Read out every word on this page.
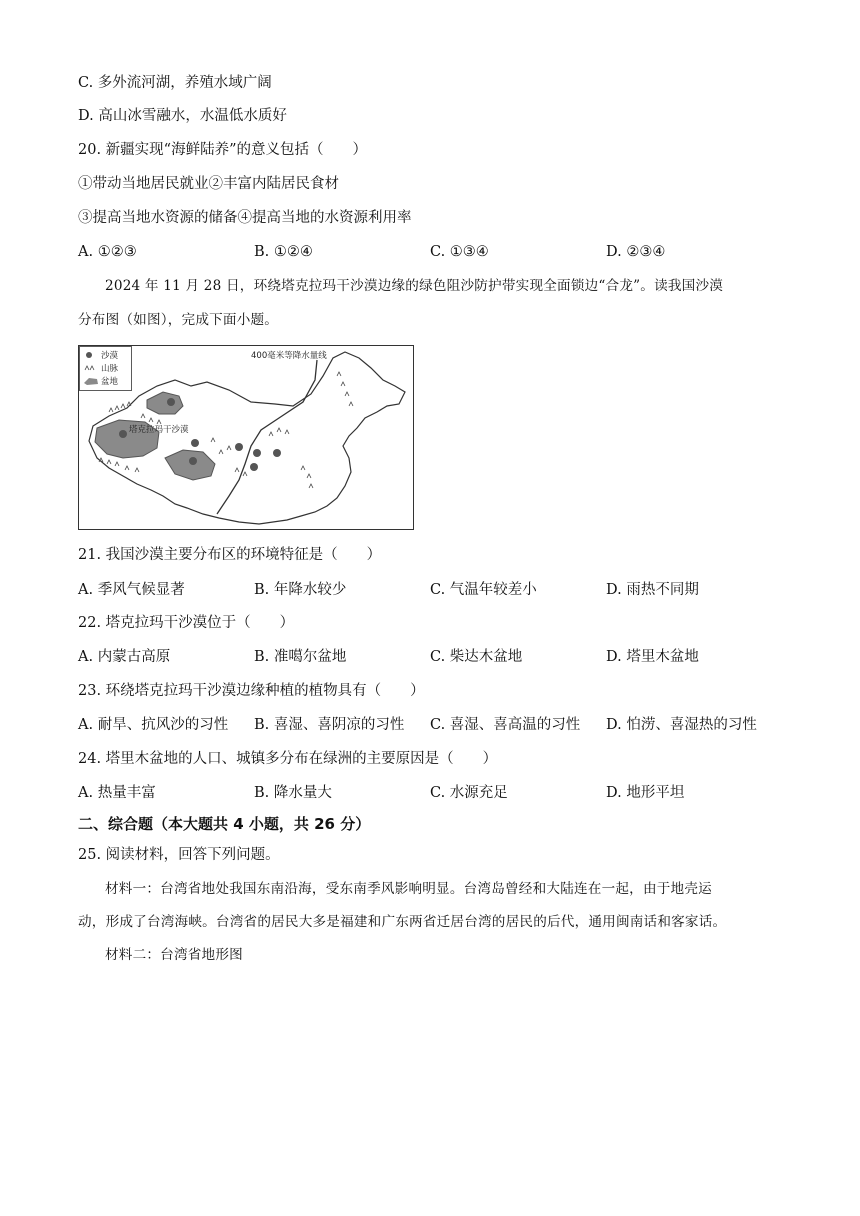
C. 多外流河湖，养殖水域广阔
D. 高山冰雪融水，水温低水质好
20. 新疆实现“海鲜陆养”的意义包括（　　）
①带动当地居民就业②丰富内陆居民食材
③提高当地水资源的储备④提高当地的水资源利用率
A. ①②③	B. ①②④	C. ①③④	D. ②③④
2024 年 11 月 28 日，环绕塔克拉玛干沙漠边缘的绿色阻沙防护带实现全面锁边“合龙”。读我国沙漠
分布图（如图），完成下面小题。
沙漠
山脉
盆地
400毫米等降水量线
塔克拉玛干沙漠
21. 我国沙漠主要分布区的环境特征是（　　）
A. 季风气候显著	B. 年降水较少	C. 气温年较差小	D. 雨热不同期
22. 塔克拉玛干沙漠位于（　　）
A. 内蒙古高原	B. 准噶尔盆地	C. 柴达木盆地	D. 塔里木盆地
23. 环绕塔克拉玛干沙漠边缘种植的植物具有（　　）
A. 耐旱、抗风沙的习性 B. 喜湿、喜阴凉的习性 C. 喜湿、喜高温的习性 D. 怕涝、喜湿热的习性
24. 塔里木盆地的人口、城镇多分布在绿洲的主要原因是（　　）
A. 热量丰富	B. 降水量大	C. 水源充足	D. 地形平坦
二、综合题（本大题共 4 小题，共 26 分）
25. 阅读材料，回答下列问题。
材料一：台湾省地处我国东南沿海，受东南季风影响明显。台湾岛曾经和大陆连在一起，由于地壳运
动，形成了台湾海峡。台湾省的居民大多是福建和广东两省迁居台湾的居民的后代，通用闽南话和客家话。
材料二：台湾省地形图
